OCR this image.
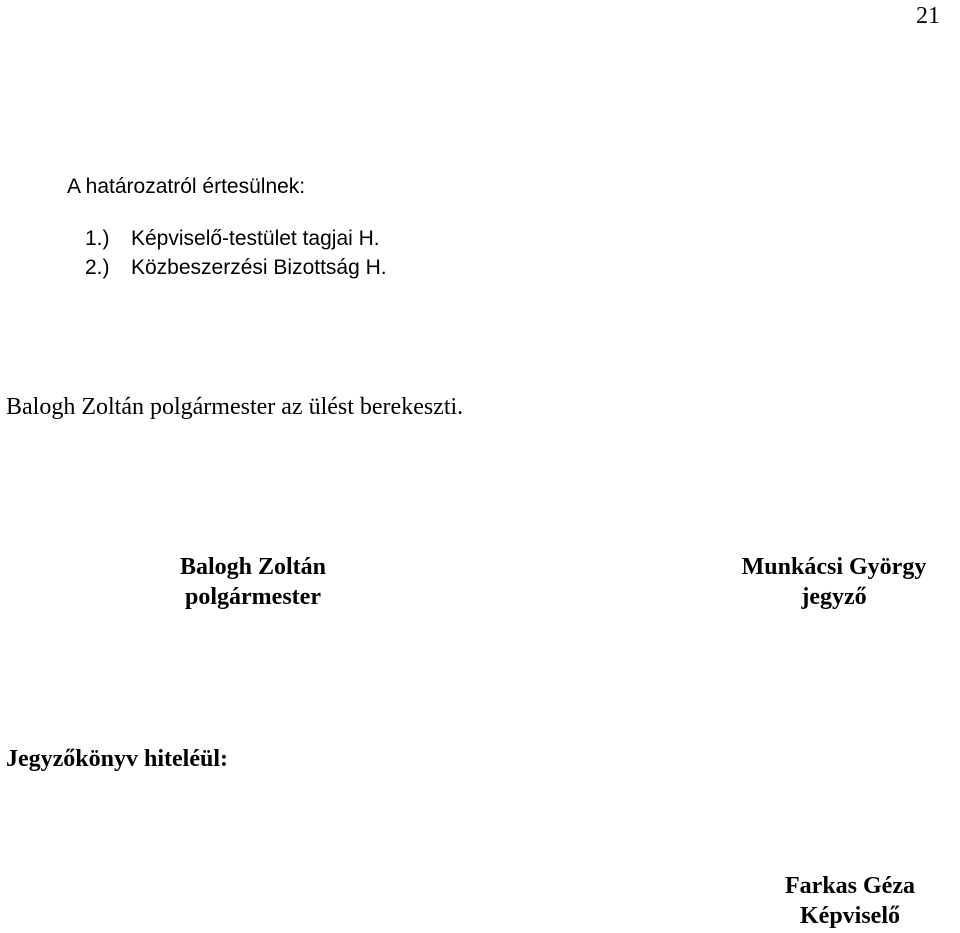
21
A határozatról értesülnek:
1.)	Képviselő-testület tagjai H.
2.)	Közbeszerzési Bizottság H.
Balogh Zoltán polgármester az ülést berekeszti.
Balogh Zoltán
polgármester
Munkácsi György
jegyző
Jegyzőkönyv hiteléül:
Farkas Géza
Képviselő
